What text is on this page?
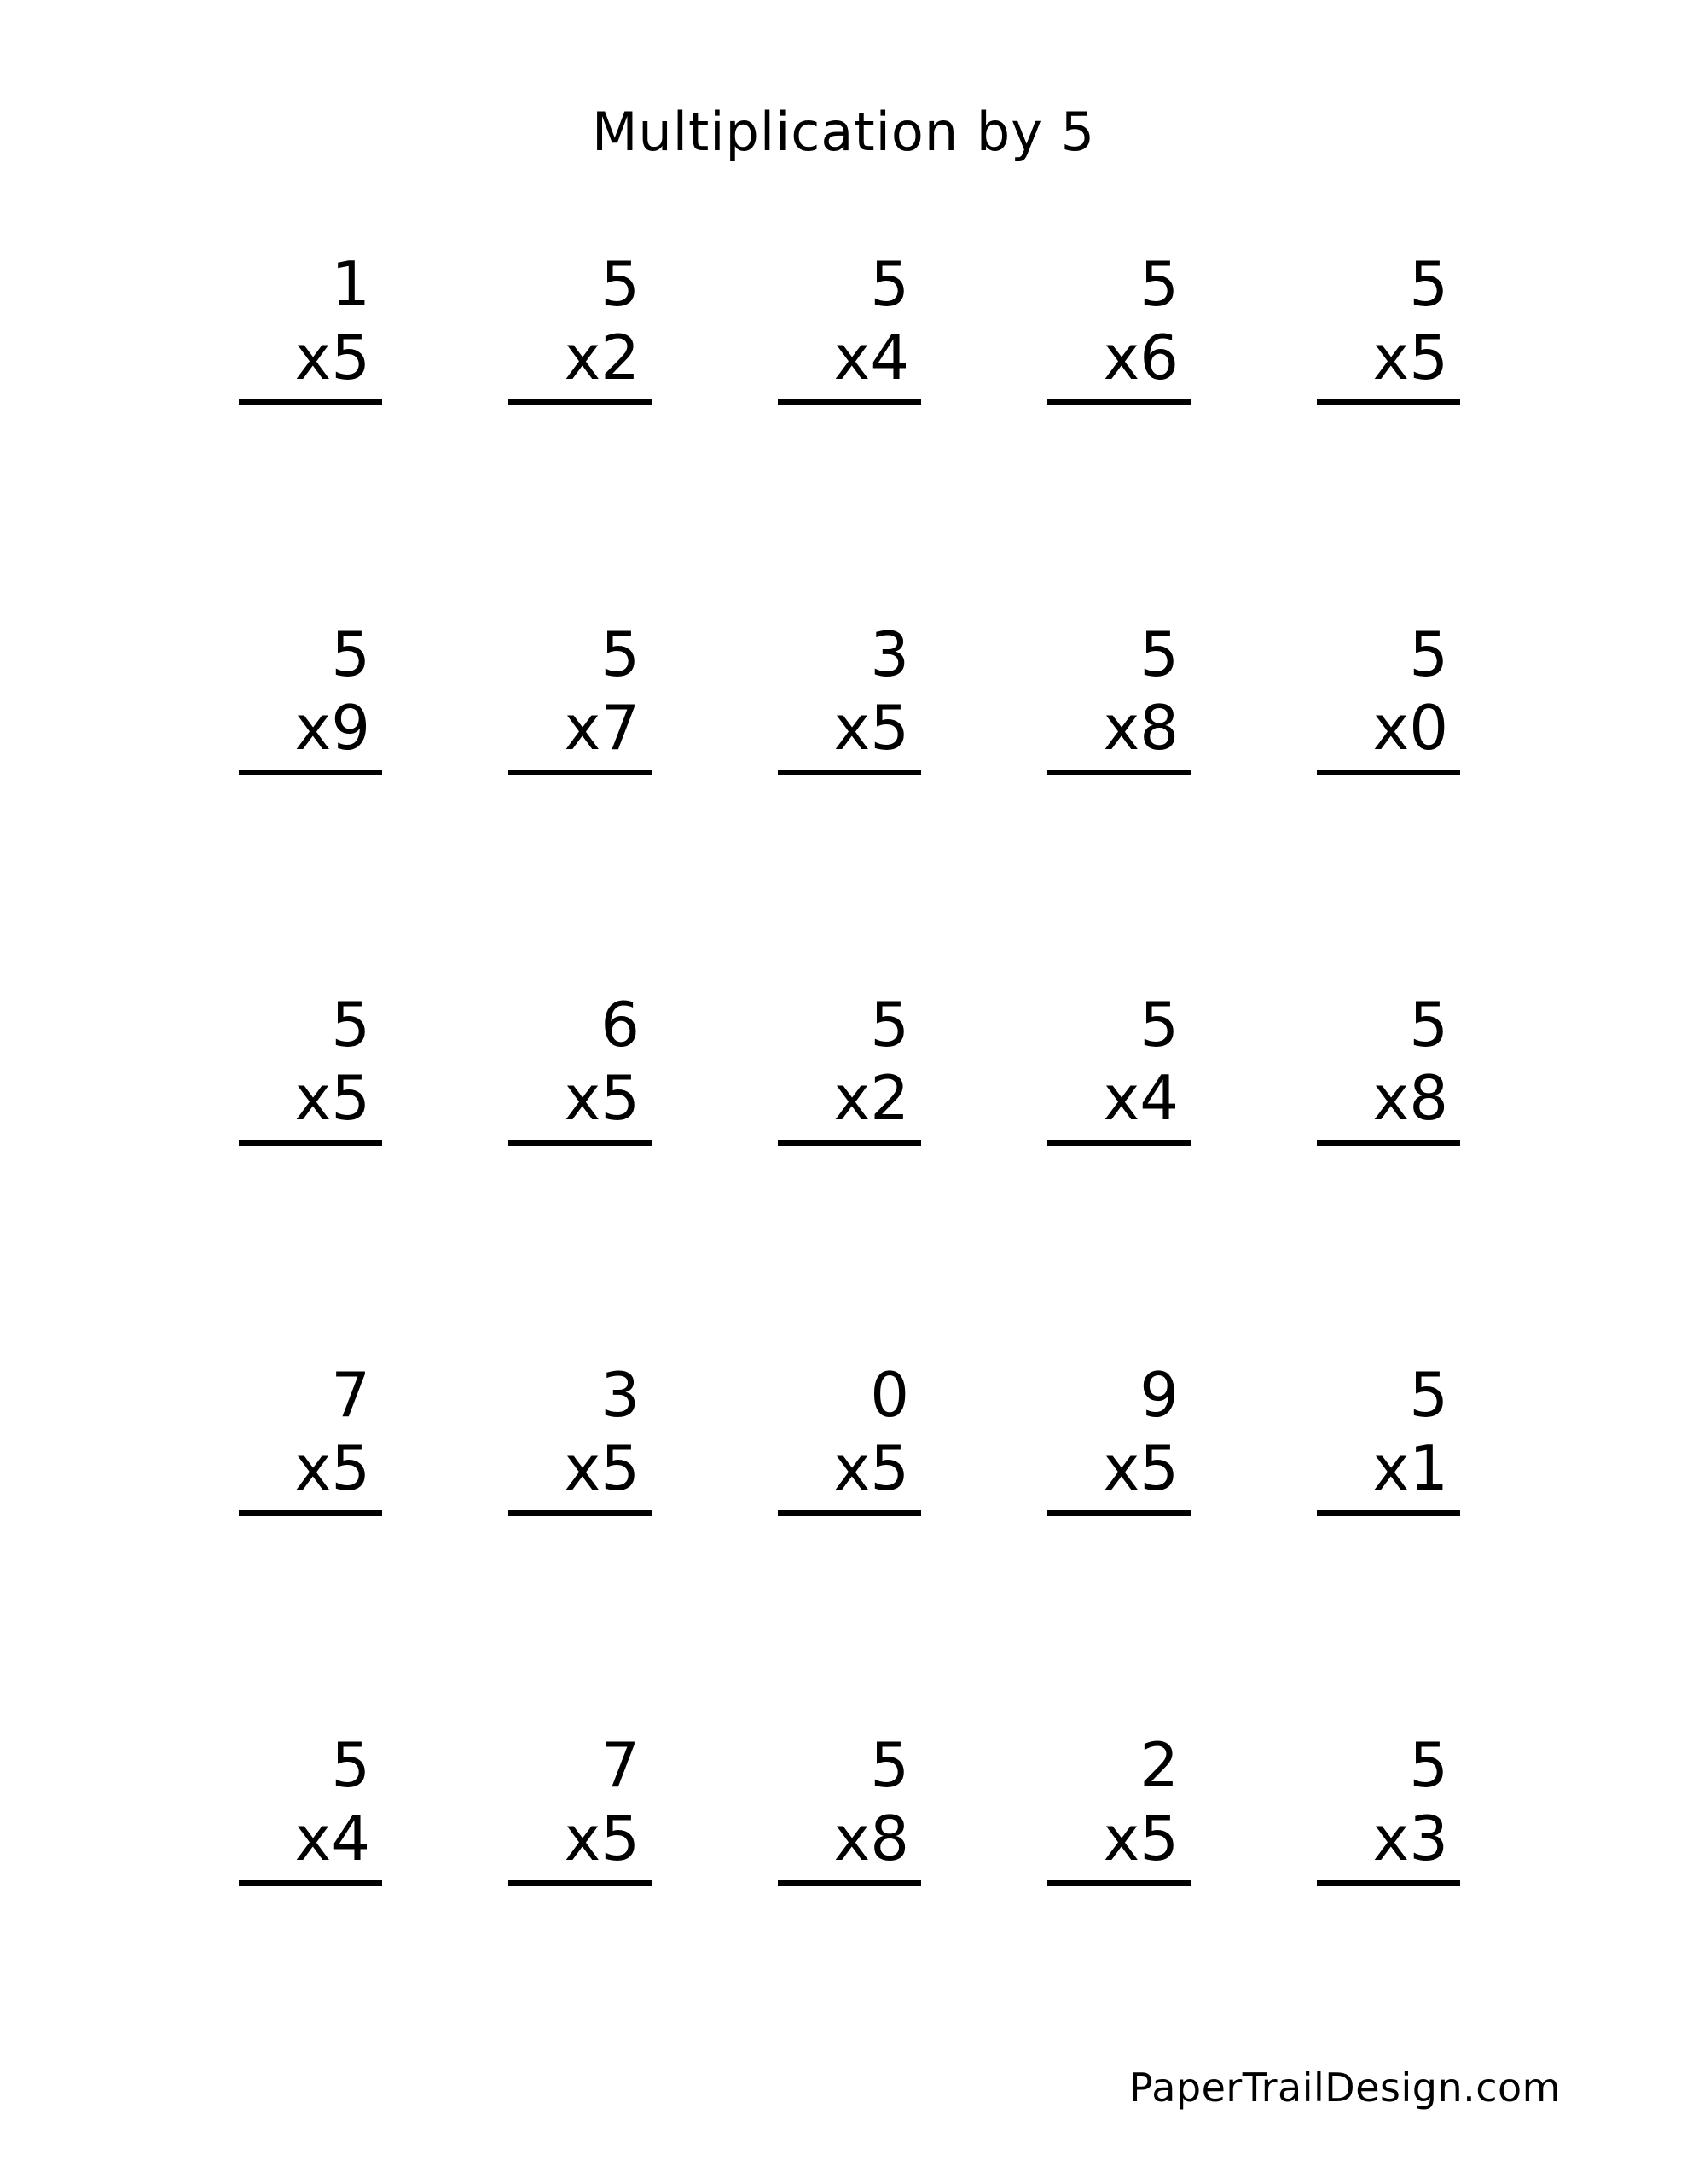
Multiplication by 5
1
x5
5
x2
5
x4
5
x6
5
x5
5
x9
5
x7
3
x5
5
x8
5
x0
5
x5
6
x5
5
x2
5
x4
5
x8
7
x5
3
x5
0
x5
9
x5
5
x1
5
x4
7
x5
5
x8
2
x5
5
x3
PaperTrailDesign.com
